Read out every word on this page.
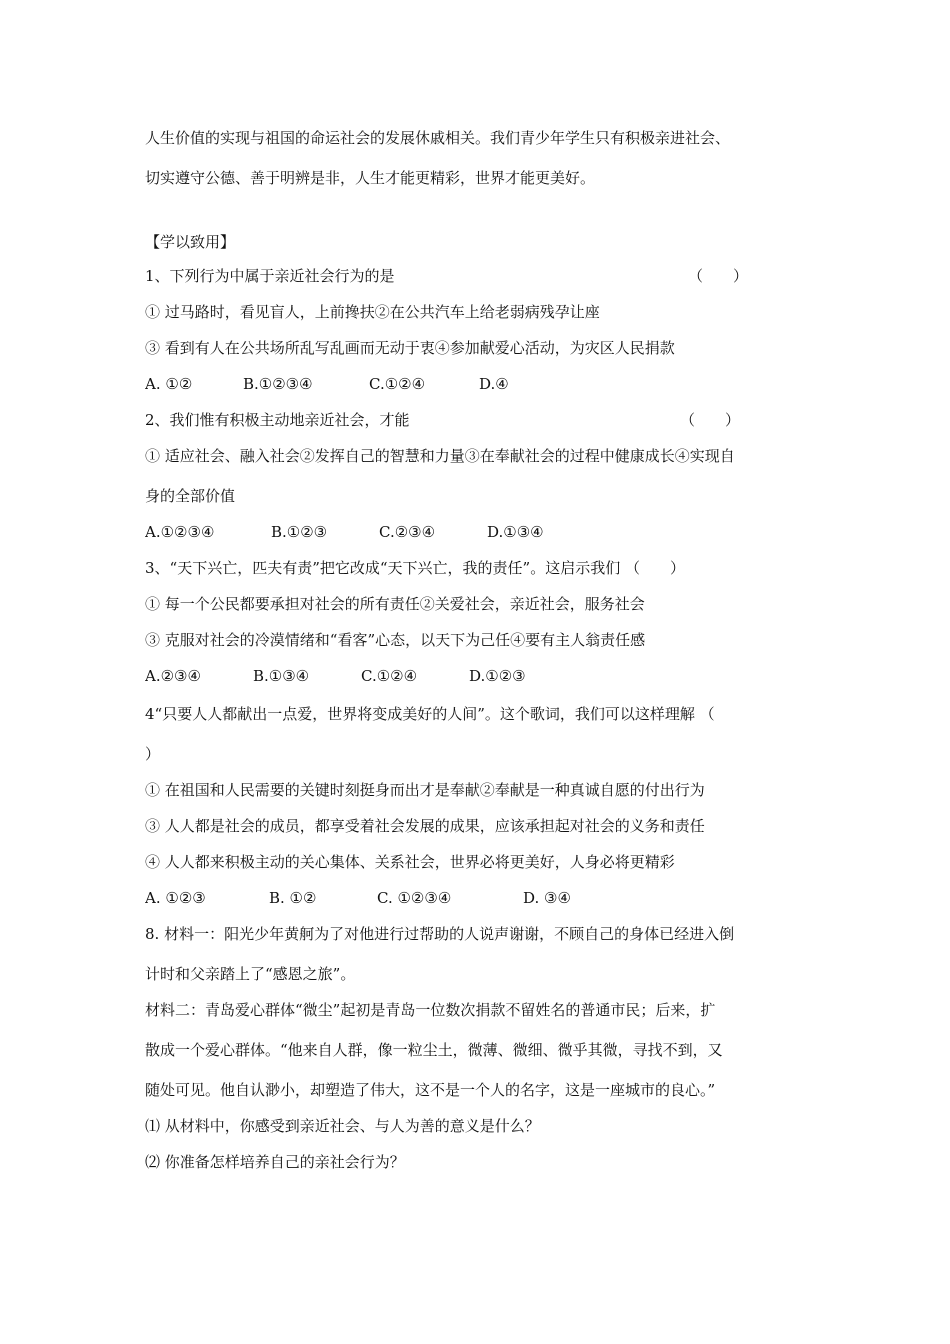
人生价值的实现与祖国的命运社会的发展休戚相关。我们青少年学生只有积极亲进社会、
切实遵守公德、善于明辨是非，人生才能更精彩，世界才能更美好。
【学以致用】
1、下列行为中属于亲近社会行为的是	（　　）
① 过马路时，看见盲人，上前搀扶②在公共汽车上给老弱病残孕让座
③ 看到有人在公共场所乱写乱画而无动于衷④参加献爱心活动，为灾区人民捐款
A. ①②	B.①②③④	C.①②④	D.④
2、我们惟有积极主动地亲近社会，才能	（　　）
① 适应社会、融入社会②发挥自己的智慧和力量③在奉献社会的过程中健康成长④实现自
身的全部价值
A.①②③④	B.①②③	C.②③④	D.①③④
3、“天下兴亡，匹夫有责”把它改成“天下兴亡，我的责任”。这启示我们 （　　）
① 每一个公民都要承担对社会的所有责任②关爱社会，亲近社会，服务社会
③ 克服对社会的冷漠情绪和“看客”心态，以天下为己任④要有主人翁责任感
A.②③④	B.①③④	C.①②④	D.①②③
4“只要人人都献出一点爱，世界将变成美好的人间”。这个歌词，我们可以这样理解 （
）
① 在祖国和人民需要的关键时刻挺身而出才是奉献②奉献是一种真诚自愿的付出行为
③ 人人都是社会的成员，都享受着社会发展的成果，应该承担起对社会的义务和责任
④ 人人都来积极主动的关心集体、关系社会，世界必将更美好，人身必将更精彩
A. ①②③	B. ①②	C. ①②③④	D. ③④
8. 材料一：阳光少年黄舸为了对他进行过帮助的人说声谢谢，不顾自己的身体已经进入倒
计时和父亲踏上了“感恩之旅”。
材料二：青岛爱心群体“微尘”起初是青岛一位数次捐款不留姓名的普通市民；后来，扩
散成一个爱心群体。“他来自人群，像一粒尘土，微薄、微细、微乎其微，寻找不到，又
随处可见。他自认渺小，却塑造了伟大，这不是一个人的名字，这是一座城市的良心。”
⑴ 从材料中，你感受到亲近社会、与人为善的意义是什么？
⑵ 你准备怎样培养自己的亲社会行为？
